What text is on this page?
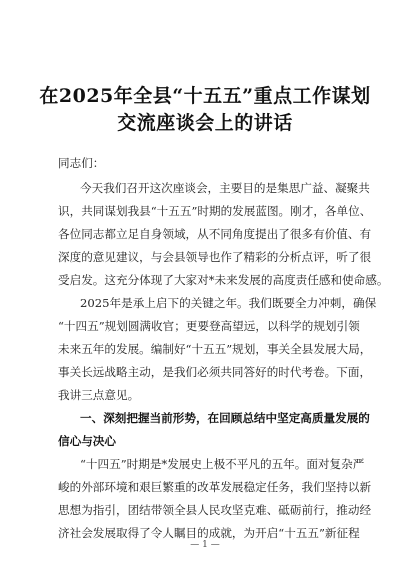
在2025年全县“十五五”重点工作谋划
交流座谈会上的讲话
同志们：
今天我们召开这次座谈会，主要目的是集思广益、凝聚共
识，共同谋划我县“十五五”时期的发展蓝图。刚才，各单位、
各位同志都立足自身领域，从不同角度提出了很多有价值、有
深度的意见建议，与会县领导也作了精彩的分析点评，听了很
受启发。这充分体现了大家对*未来发展的高度责任感和使命感。
2025年是承上启下的关键之年。我们既要全力冲刺，确保
“十四五”规划圆满收官；更要登高望远，以科学的规划引领
未来五年的发展。编制好“十五五”规划，事关全县发展大局，
事关长远战略主动，是我们必须共同答好的时代考卷。下面，
我讲三点意见。
一、深刻把握当前形势，在回顾总结中坚定高质量发展的
信心与决心
“十四五”时期是*发展史上极不平凡的五年。面对复杂严
峻的外部环境和艰巨繁重的改革发展稳定任务，我们坚持以新
思想为指引，团结带领全县人民攻坚克难、砥砺前行，推动经
济社会发展取得了令人瞩目的成就，为开启“十五五”新征程
— 1 —
